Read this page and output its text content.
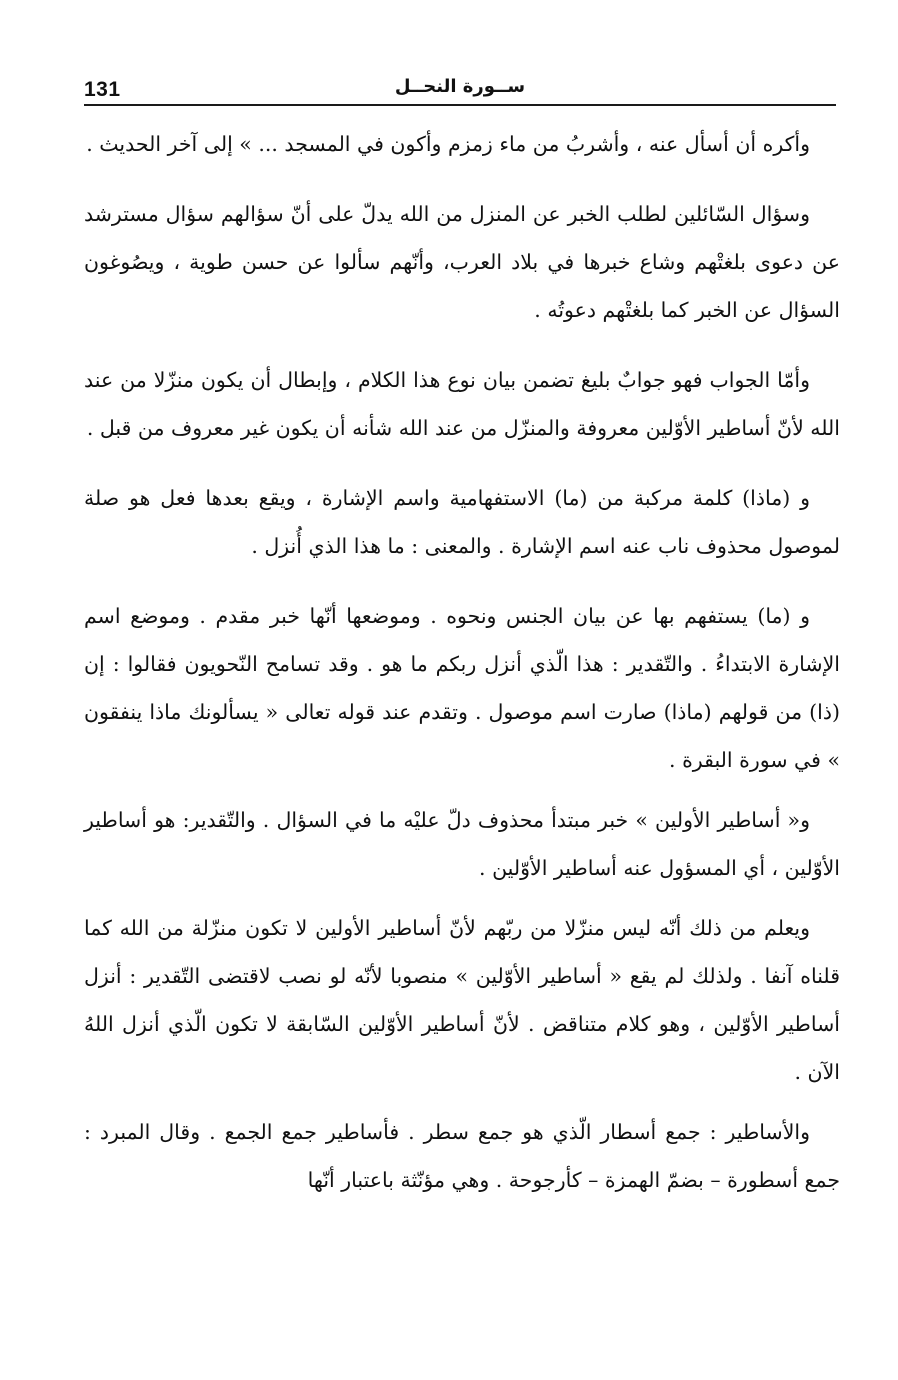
131	ســورة النحــل

وأكره أن أسأل عنه ، وأشربُ من ماء زمزم وأكون في المسجد ... » إلى آخر الحديث .

وسؤال السّائلين لطلب الخبر عن المنزل من الله يدلّ على أنّ سؤالهم سؤال مسترشد عن دعوى بلغتْهم وشاع خبرها في بلاد العرب، وأنّهم سألوا عن حسن طوية ، ويصُوغون السؤال عن الخبر كما بلغتْهم دعوتُه .

وأمّا الجواب فهو جوابٌ بليغ تضمن بيان نوع هذا الكلام ، وإبطال أن يكون منزّلا من عند الله لأنّ أساطير الأوّلين معروفة والمنزّل من عند الله شأنه أن يكون غير معروف من قبل .

و (ماذا) كلمة مركبة من (ما) الاستفهامية واسم الإشارة ، ويقع بعدها فعل هو صلة لموصول محذوف ناب عنه اسم الإشارة . والمعنى : ما هذا الذي أُنزل .

و (ما) يستفهم بها عن بيان الجنس ونحوه . وموضعها أنّها خبر مقدم . وموضع اسم الإشارة الابتداءُ . والتّقدير : هذا الّذي أنزل ربكم ما هو . وقد تسامح النّحويون فقالوا : إن (ذا) من قولهم (ماذا) صارت اسم موصول . وتقدم عند قوله تعالى « يسألونك ماذا ينفقون » في سورة البقرة .

و« أساطير الأولين » خبر مبتدأ محذوف دلّ عليْه ما في السؤال . والتّقدير: هو أساطير الأوّلين ، أي المسؤول عنه أساطير الأوّلين .

ويعلم من ذلك أنّه ليس منزّلا من ربّهم لأنّ أساطير الأولين لا تكون منزّلة من الله كما قلناه آنفا . ولذلك لم يقع « أساطير الأوّلين » منصوبا لأنّه لو نصب لاقتضى التّقدير : أنزل أساطير الأوّلين ، وهو كلام متناقض . لأنّ أساطير الأوّلين السّابقة لا تكون الّذي أنزل اللهُ الآن .

والأساطير : جمع أسطار الّذي هو جمع سطر . فأساطير جمع الجمع . وقال المبرد : جمع أسطورة – بضمّ الهمزة – كأرجوحة . وهي مؤنّثة باعتبار أنّها
